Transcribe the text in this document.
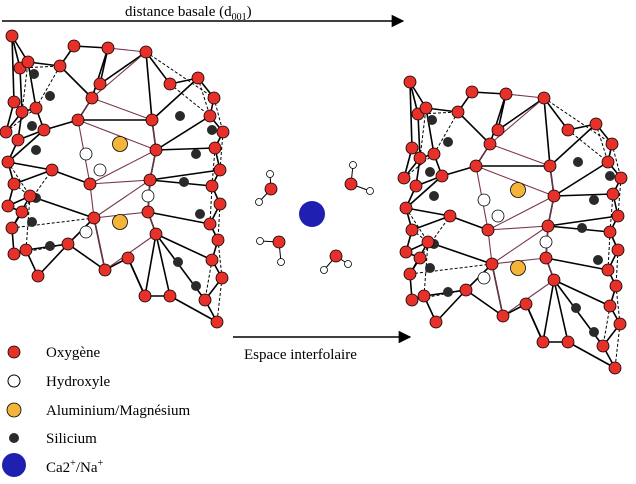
distance basale $(d_{001})$
Espace interfolaire
Oxygène
Hydroxyle
Aluminium/Magnésium
Silicium
Ca2+/Na+
